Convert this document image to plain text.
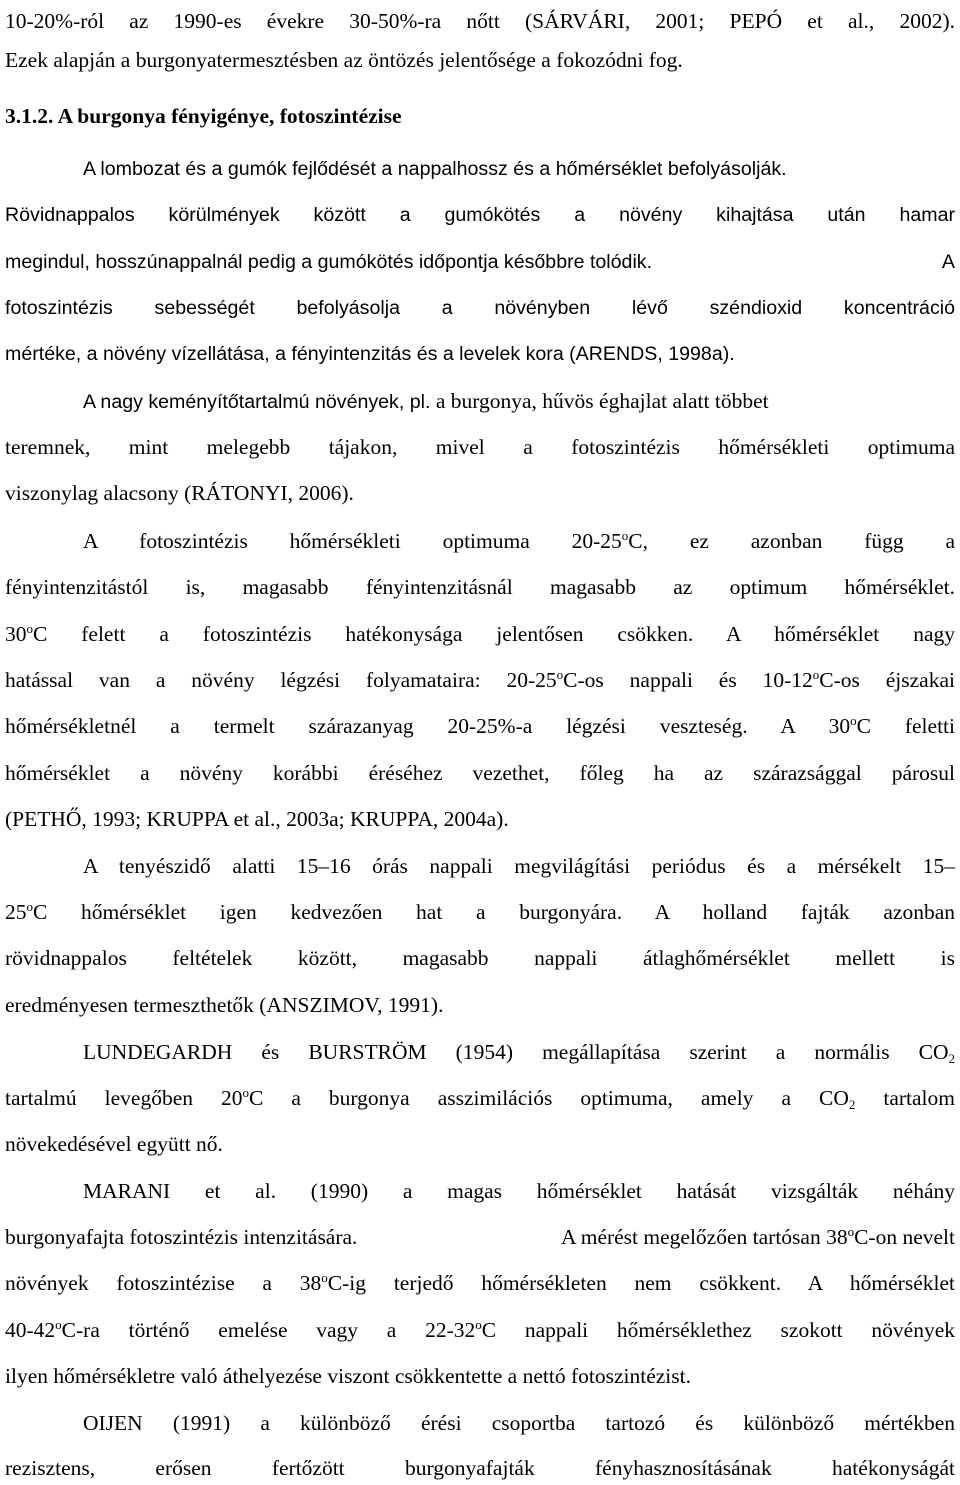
10-20%-ról az 1990-es évekre 30-50%-ra nőtt (SÁRVÁRI, 2001; PEPÓ et al., 2002).
Ezek alapján a burgonyatermesztésben az öntözés jelentősége a fokozódni fog.
3.1.2. A burgonya fényigénye, fotoszintézise
A lombozat és a gumók fejlődését a nappalhossz és a hőmérséklet befolyásolják.
Rövidnappalos körülmények között a gumókötés a növény kihajtása után hamar
megindul, hosszúnappalnál pedig a gumókötés időpontja későbbre tolódik.	A
fotoszintézis sebességét befolyásolja a növényben lévő széndioxid koncentráció
mértéke, a növény vízellátása, a fényintenzitás és a levelek kora (ARENDS, 1998a).
A nagy keményítőtartalmú növények, pl. a burgonya, hűvös éghajlat alatt többet
teremnek, mint melegebb tájakon, mivel a fotoszintézis hőmérsékleti optimuma
viszonylag alacsony (RÁTONYI, 2006).
A fotoszintézis hőmérsékleti optimuma 20-25$^o$C, ez azonban függ a
fényintenzitástól is, magasabb fényintenzitásnál magasabb az optimum hőmérséklet.
30$^o$C felett a fotoszintézis hatékonysága jelentősen csökken. A hőmérséklet nagy
hatással van a növény légzési folyamataira: 20-25$^o$C-os nappali és 10-12$^o$C-os éjszakai
hőmérsékletnél a termelt szárazanyag 20-25%-a légzési veszteség. A 30$^o$C feletti
hőmérséklet a növény korábbi éréséhez vezethet, főleg ha az szárazsággal párosul
(PETHŐ, 1993; KRUPPA et al., 2003a; KRUPPA, 2004a).
A tenyészidő alatti 15–16 órás nappali megvilágítási periódus és a mérsékelt 15–
25$^o$C hőmérséklet igen kedvezően hat a burgonyára. A holland fajták azonban
rövidnappalos feltételek között, magasabb nappali átlaghőmérséklet mellett is
eredményesen termeszthetők (ANSZIMOV, 1991).
LUNDEGARDH és BURSTRÖM (1954) megállapítása szerint a normális $CO_2$
tartalmú levegőben 20$^o$C a burgonya asszimilációs optimuma, amely a $CO_2$ tartalom
növekedésével együtt nő.
MARANI et al. (1990) a magas hőmérséklet hatását vizsgálták néhány
burgonyafajta fotoszintézis intenzitására.	A mérést megelőzően tartósan 38$^o$C-on nevelt
növények fotoszintézise a 38$^o$C-ig terjedő hőmérsékleten nem csökkent. A hőmérséklet
40-42$^o$C-ra történő emelése vagy a 22-32$^o$C nappali hőmérséklethez szokott növények
ilyen hőmérsékletre való áthelyezése viszont csökkentette a nettó fotoszintézist.
OIJEN (1991) a különböző érési csoportba tartozó és különböző mértékben
rezisztens, erősen fertőzött burgonyafajták fényhasznosításának hatékonyságát
